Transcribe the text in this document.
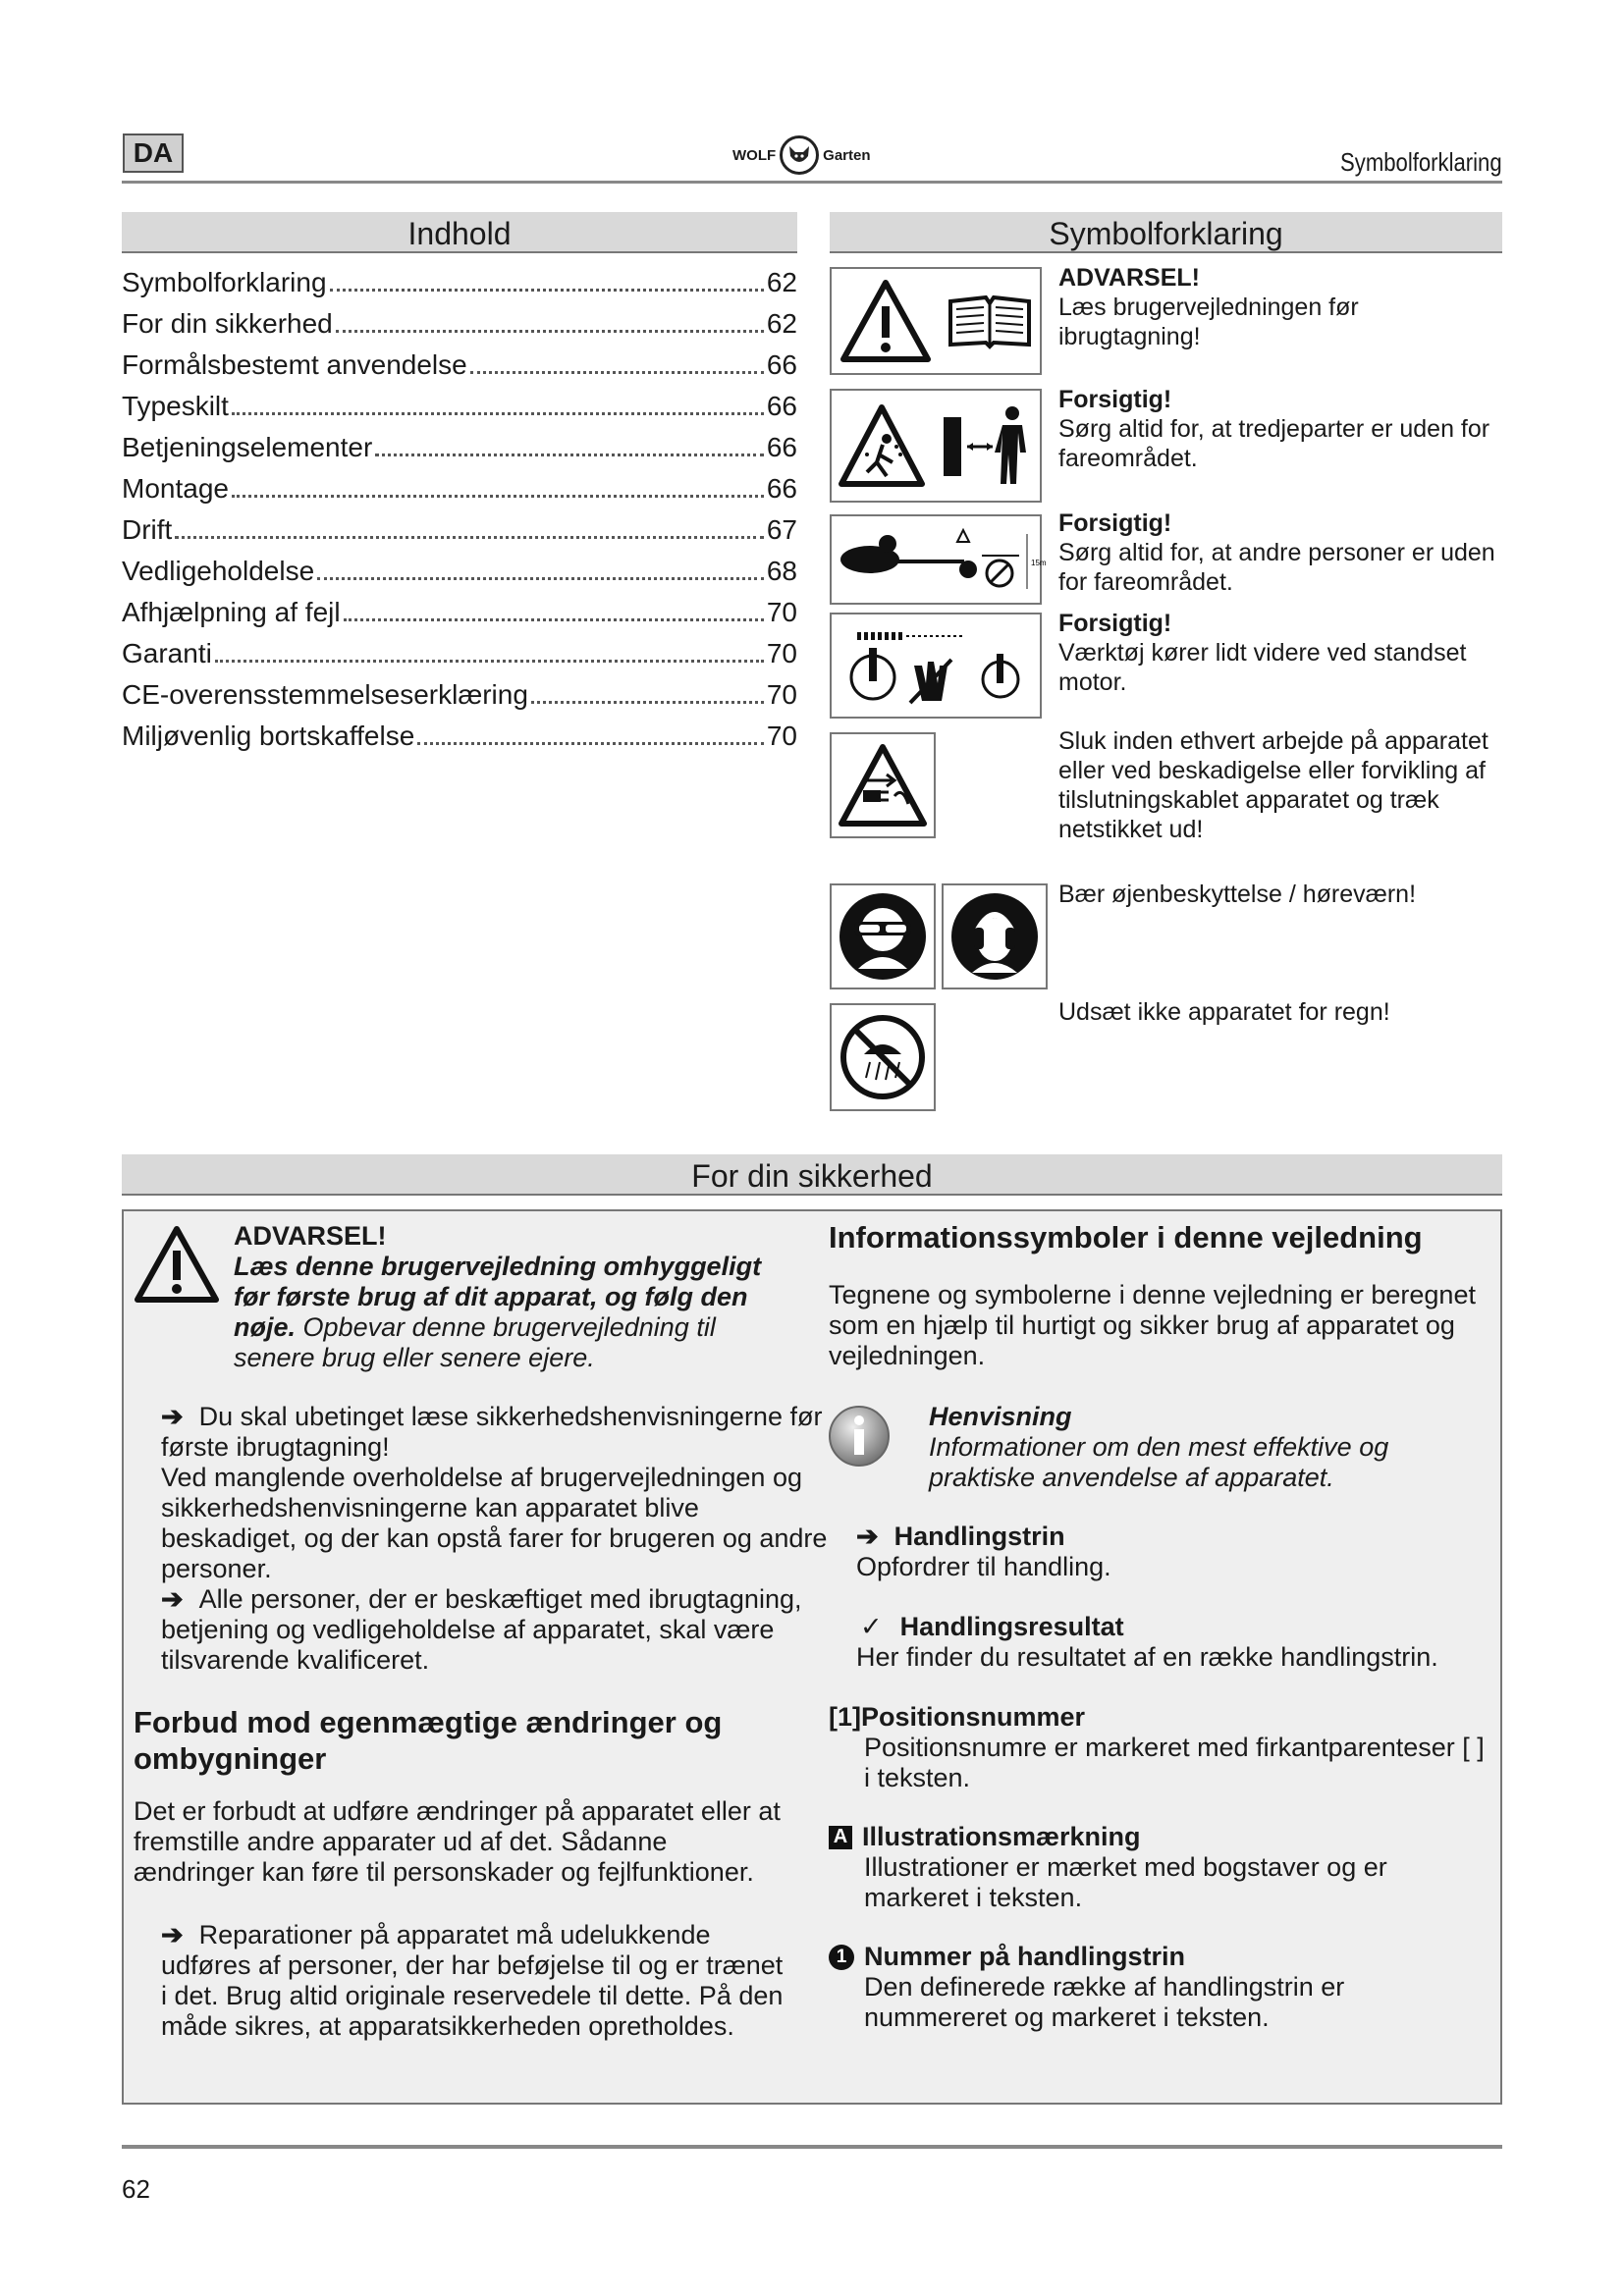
DA	WOLF	Garten	Symbolforklaring
Indhold
Symbolforklaring	62
For din sikkerhed	62
Formålsbestemt anvendelse	66
Typeskilt	66
Betjeningselementer	66
Montage	66
Drift	67
Vedligeholdelse	68
Afhjælpning af fejl	70
Garanti	70
CE-overensstemmelseserklæring	70
Miljøvenlig bortskaffelse	70
Symbolforklaring
ADVARSEL!
Læs brugervejledningen før ibrugtagning!
Forsigtig!
Sørg altid for, at tredjeparter er uden for fareområdet.
15m
Forsigtig!
Sørg altid for, at andre personer er uden for fareområdet.
Forsigtig!
Værktøj kører lidt videre ved standset motor.
Sluk inden ethvert arbejde på apparatet eller ved beskadigelse eller forvikling af tilslutningskablet apparatet og træk netstikket ud!
Bær øjenbeskyttelse / høreværn!
Udsæt ikke apparatet for regn!
For din sikkerhed
ADVARSEL!
Læs denne brugervejledning omhyggeligt før første brug af dit apparat, og følg den nøje. Opbevar denne brugervejledning til senere brug eller senere ejere.
➔ Du skal ubetinget læse sikkerhedshenvisningerne før første ibrugtagning!
Ved manglende overholdelse af brugervejledningen og sikkerhedshenvisningerne kan apparatet blive beskadiget, og der kan opstå farer for brugeren og andre personer.
➔ Alle personer, der er beskæftiget med ibrugtagning, betjening og vedligeholdelse af apparatet, skal være tilsvarende kvalificeret.
Forbud mod egenmægtige ændringer og ombygninger
Det er forbudt at udføre ændringer på apparatet eller at fremstille andre apparater ud af det. Sådanne ændringer kan føre til personskader og fejlfunktioner.
➔ Reparationer på apparatet må udelukkende udføres af personer, der har beføjelse til og er trænet i det. Brug altid originale reservedele til dette. På den måde sikres, at apparatsikkerheden opretholdes.
Informationssymboler i denne vejledning
Tegnene og symbolerne i denne vejledning er beregnet som en hjælp til hurtigt og sikker brug af apparatet og vejledningen.
Henvisning
Informationer om den mest effektive og praktiske anvendelse af apparatet.
➔ Handlingstrin
Opfordrer til handling.
✓ Handlingsresultat
Her finder du resultatet af en række handlingstrin.
[1]Positionsnummer
Positionsnumre er markeret med firkantparenteser [ ] i teksten.
A Illustrationsmærkning
Illustrationer er mærket med bogstaver og er markeret i teksten.
1 Nummer på handlingstrin
Den definerede række af handlingstrin er nummereret og markeret i teksten.
62
